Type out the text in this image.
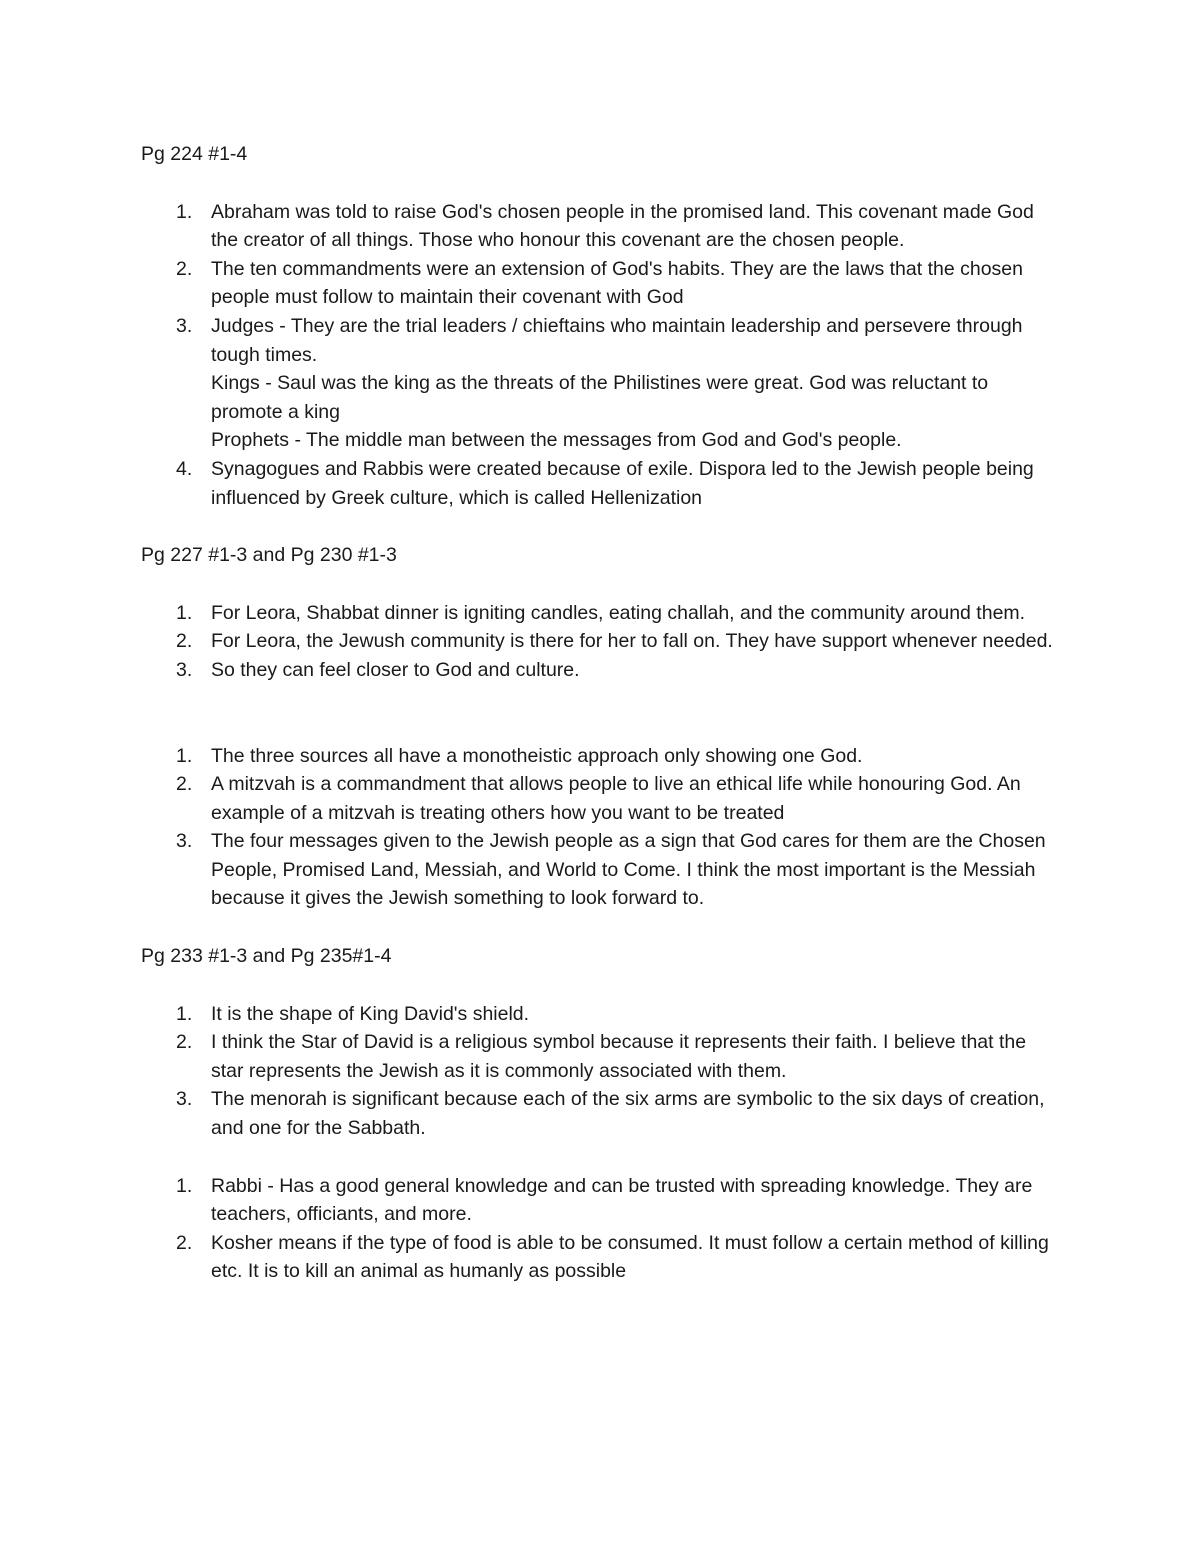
Pg 224 #1-4
1. Abraham was told to raise God's chosen people in the promised land. This covenant made God the creator of all things. Those who honour this covenant are the chosen people.
2. The ten commandments were an extension of God's habits. They are the laws that the chosen people must follow to maintain their covenant with God
3. Judges - They are the trial leaders / chieftains who maintain leadership and persevere through tough times.
Kings - Saul was the king as the threats of the Philistines were great. God was reluctant to promote a king
Prophets - The middle man between the messages from God and God's people.
4. Synagogues and Rabbis were created because of exile. Dispora led to the Jewish people being influenced by Greek culture, which is called Hellenization
Pg 227 #1-3 and Pg 230 #1-3
1. For Leora, Shabbat dinner is igniting candles, eating challah, and the community around them.
2. For Leora, the Jewush community is there for her to fall on. They have support whenever needed.
3. So they can feel closer to God and culture.
1. The three sources all have a monotheistic approach only showing one God.
2. A mitzvah is a commandment that allows people to live an ethical life while honouring God. An example of a mitzvah is treating others how you want to be treated
3. The four messages given to the Jewish people as a sign that God cares for them are the Chosen People, Promised Land, Messiah, and World to Come. I think the most important is the Messiah because it gives the Jewish something to look forward to.
Pg 233 #1-3 and Pg 235#1-4
1. It is the shape of King David's shield.
2. I think the Star of David is a religious symbol because it represents their faith. I believe that the star represents the Jewish as it is commonly associated with them.
3. The menorah is significant because each of the six arms are symbolic to the six days of creation, and one for the Sabbath.
1. Rabbi - Has a good general knowledge and can be trusted with spreading knowledge. They are teachers, officiants, and more.
2. Kosher means if the type of food is able to be consumed. It must follow a certain method of killing etc. It is to kill an animal as humanly as possible
